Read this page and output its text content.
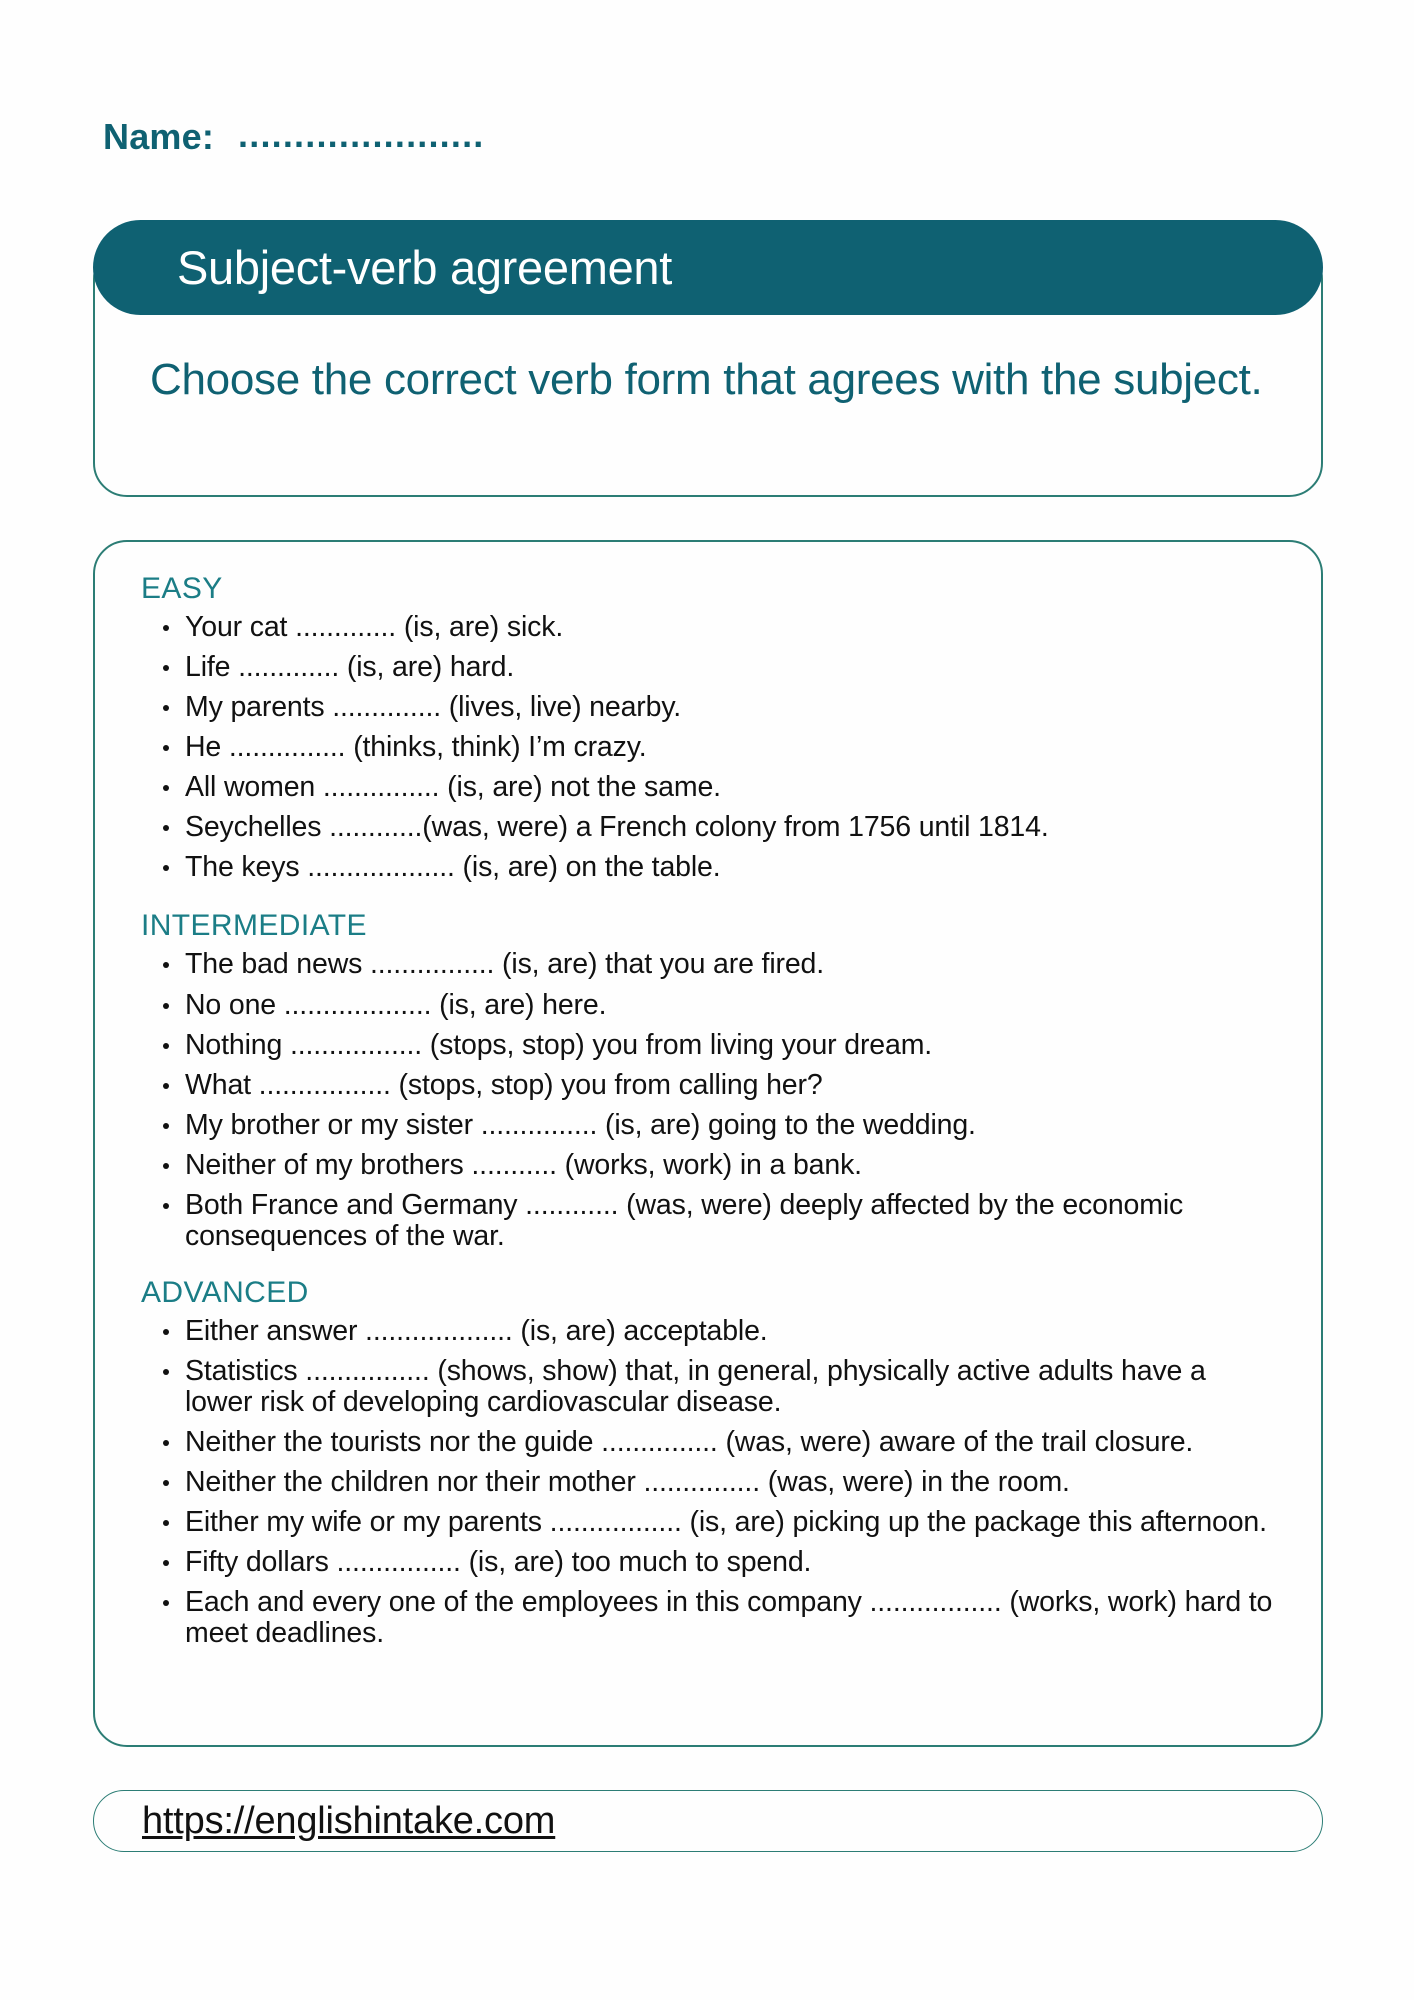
Name: ......................
Subject-verb agreement
Choose the correct verb form that agrees with the subject.
EASY
Your cat ............. (is, are) sick.
Life ............. (is, are) hard.
My parents .............. (lives, live) nearby.
He ............... (thinks, think) I’m crazy.
All women ............... (is, are) not the same.
Seychelles ............(was, were) a French colony from 1756 until 1814.
The keys ................... (is, are) on the table.
INTERMEDIATE
The bad news ................ (is, are) that you are fired.
No one ................... (is, are) here.
Nothing ................. (stops, stop) you from living your dream.
What ................. (stops, stop) you from calling her?
My brother or my sister ............... (is, are) going to the wedding.
Neither of my brothers ........... (works, work) in a bank.
Both France and Germany ............ (was, were) deeply affected by the economic consequences of the war.
ADVANCED
Either answer ................... (is, are) acceptable.
Statistics ................ (shows, show) that, in general, physically active adults have a lower risk of developing cardiovascular disease.
Neither the tourists nor the guide ............... (was, were) aware of the trail closure.
Neither the children nor their mother ............... (was, were) in the room.
Either my wife or my parents ................. (is, are) picking up the package this afternoon.
Fifty dollars ................ (is, are) too much to spend.
Each and every one of the employees in this company ................. (works, work) hard to meet deadlines.
https://englishintake.com
